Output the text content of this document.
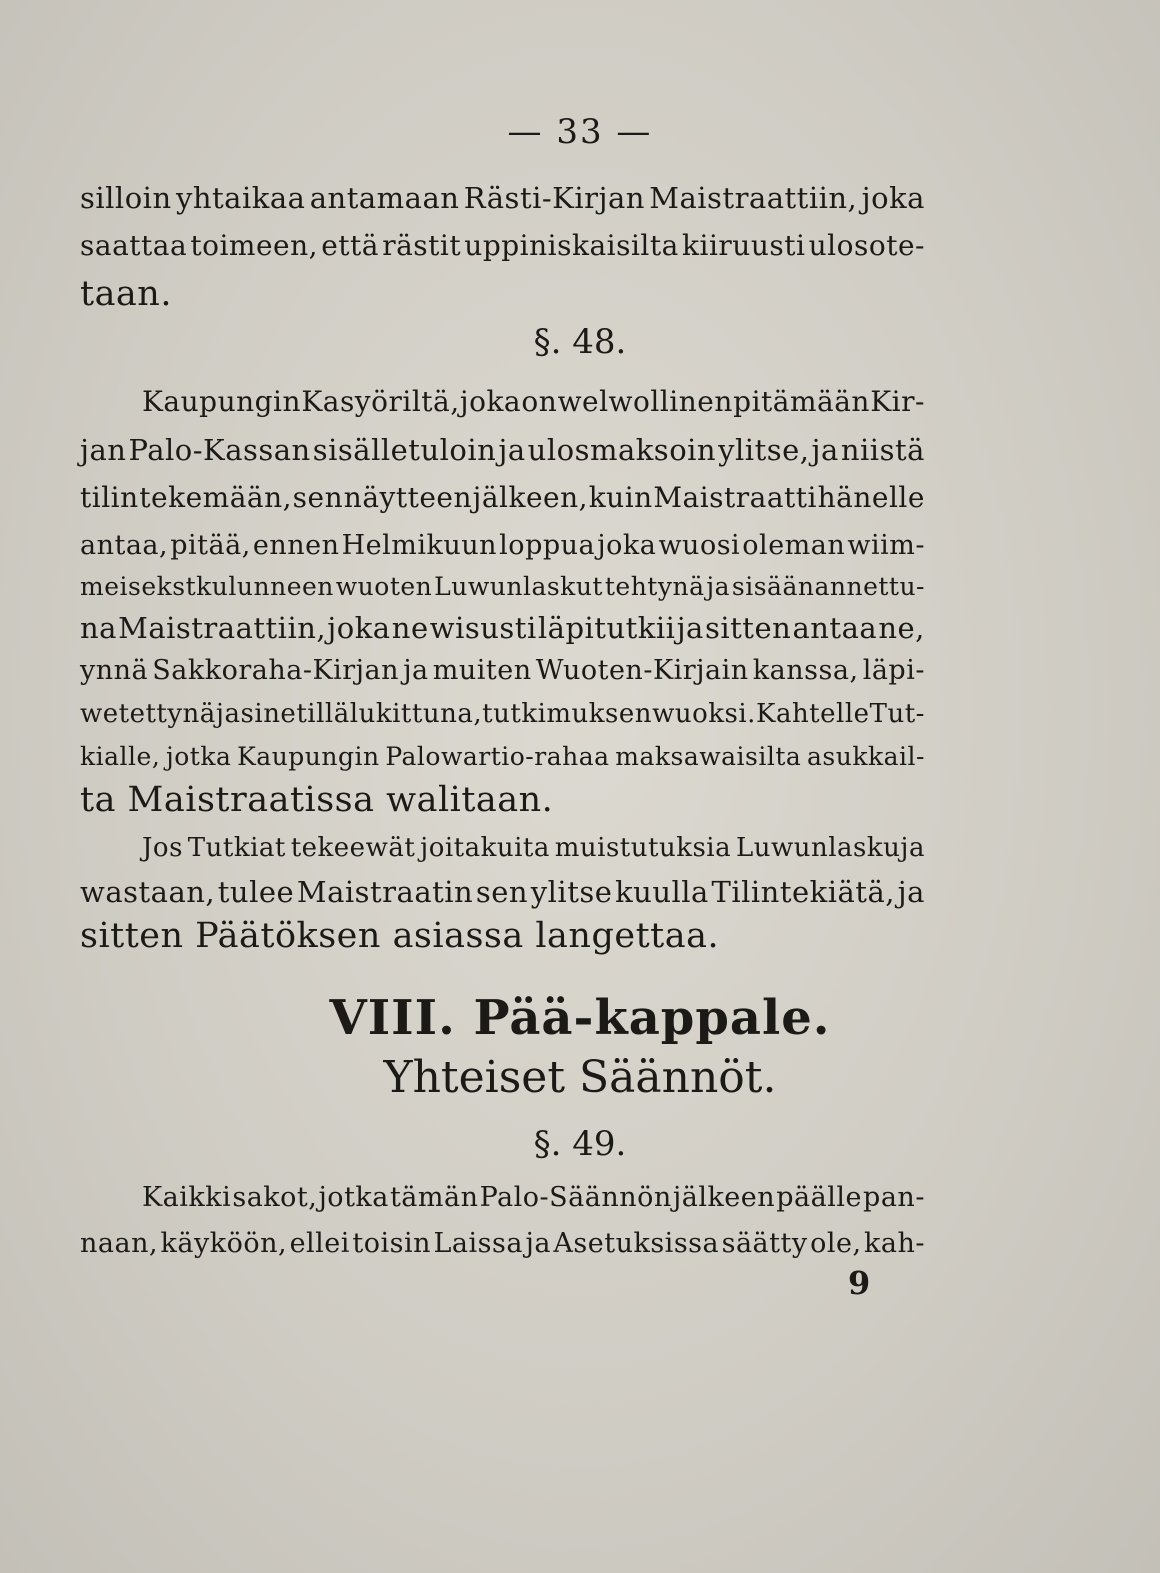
— 33 —
silloin yhtaikaa antamaan Rästi-Kirjan Maistraattiin, joka
saattaa toimeen, että rästit uppiniskaisilta kiiruusti ulosote-
taan.
§. 48.
Kaupungin Kasyöriltä, joka on welwollinen pitämään Kir-
jan Palo-Kassan sisälletuloin ja ulosmaksoin ylitse, ja niistä
tilin tekemään, sen näytteen jälkeen, kuin Maistraatti hänelle
antaa, pitää, ennen Helmikuun loppua joka wuosi oleman wiim-
meisekstkulunneen wuoten Luwunlaskut tehtynä ja sisäänannettu-
na Maistraattiin, joka ne wisusti läpitutkii ja sitten antaa ne,
ynnä Sakkoraha-Kirjan ja muiten Wuoten-Kirjain kanssa, läpi-
wetettynä ja sinetillä lukittuna, tutkimuksen wuoksi. Kahtelle Tut-
kialle, jotka Kaupungin Palowartio-rahaa maksawaisilta asukkail-
ta Maistraatissa walitaan.
Jos Tutkiat tekeewät joitakuita muistutuksia Luwunlaskuja
wastaan, tulee Maistraatin sen ylitse kuulla Tilintekiätä, ja
sitten Päätöksen asiassa langettaa.
VIII. Pää-kappale.
Yhteiset Säännöt.
§. 49.
Kaikki sakot, jotka tämän Palo-Säännön jälkeen päälle pan-
naan, käyköön, ellei toisin Laissa ja Asetuksissa säätty ole, kah-
9
